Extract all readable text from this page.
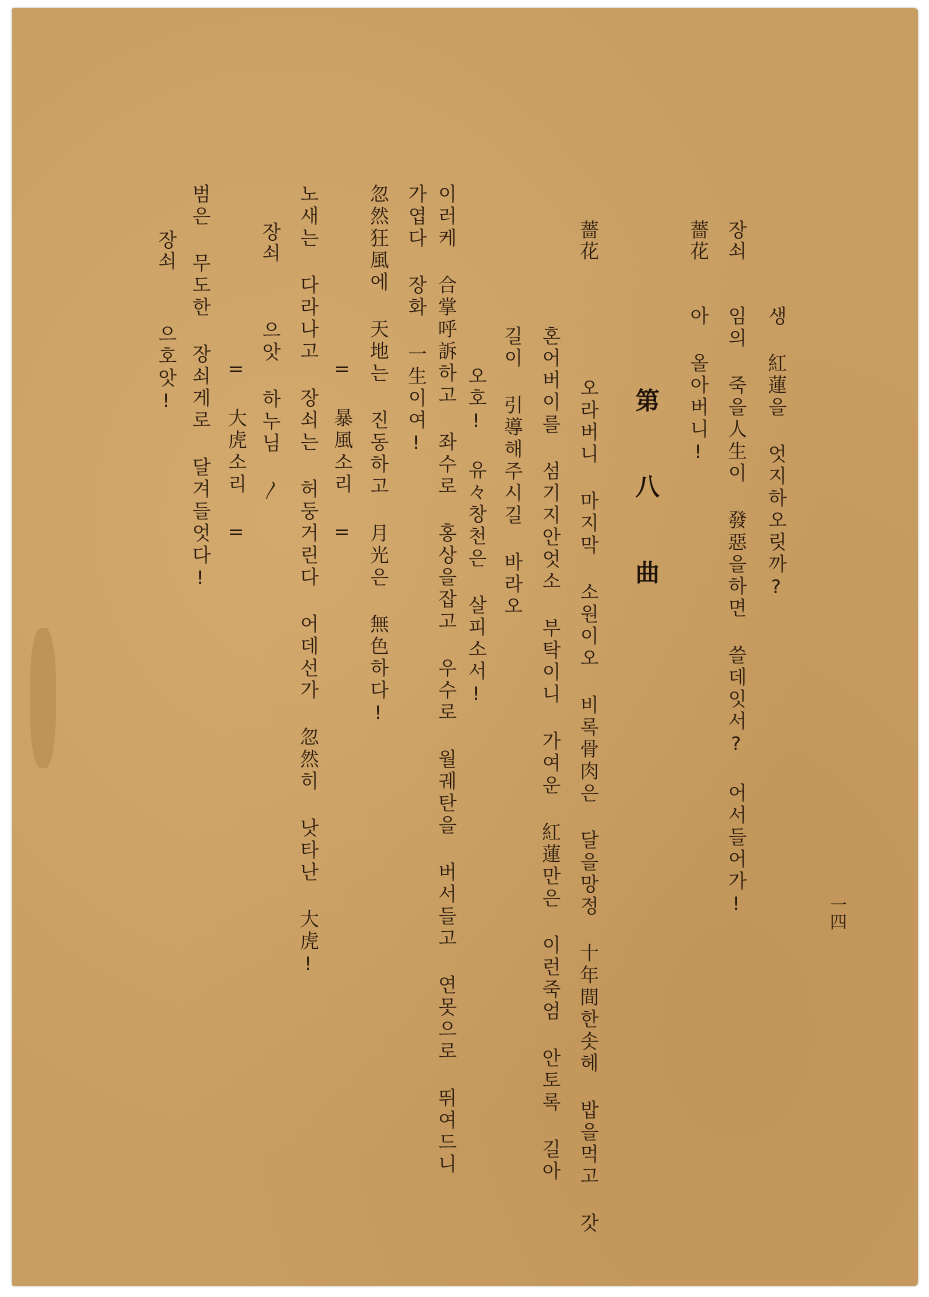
一四
장쇠
생 紅蓮을 엇지하오릿까?
임의 죽을人生이 發惡을하면 쓸데잇서? 어서들어가!
薔花
아 올아버니!
第八曲
薔花
오라버니 마지막 소원이오 비록骨肉은 달을망정 十年間한솟헤 밥을먹고 갓
혼어버이를 섬기지안엇소 부탁이니 가여운 紅蓮만은 이런죽엄 안토록 길아
길이 引導해주시길 바라오
오호! 유々창천은 살피소서!
가엽다 장화 一生이여! 이러케 合掌呼訴하고 좌수로 홍상을잡고 우수로 월궤탄을 버서들고 연못으로 뛰여드니
忽然狂風에 天地는 진동하고 月光은 無色하다!
= 暴風소리 =
노새는 다라나고 장쇠는 허둥거린다 어데선가 忽然히 낫타난 大虎!
장쇠
으앗 하누님 〳
= 大虎소리 =
범은 무도한 장쇠게로 달겨들엇다!
장쇠
으호앗!
